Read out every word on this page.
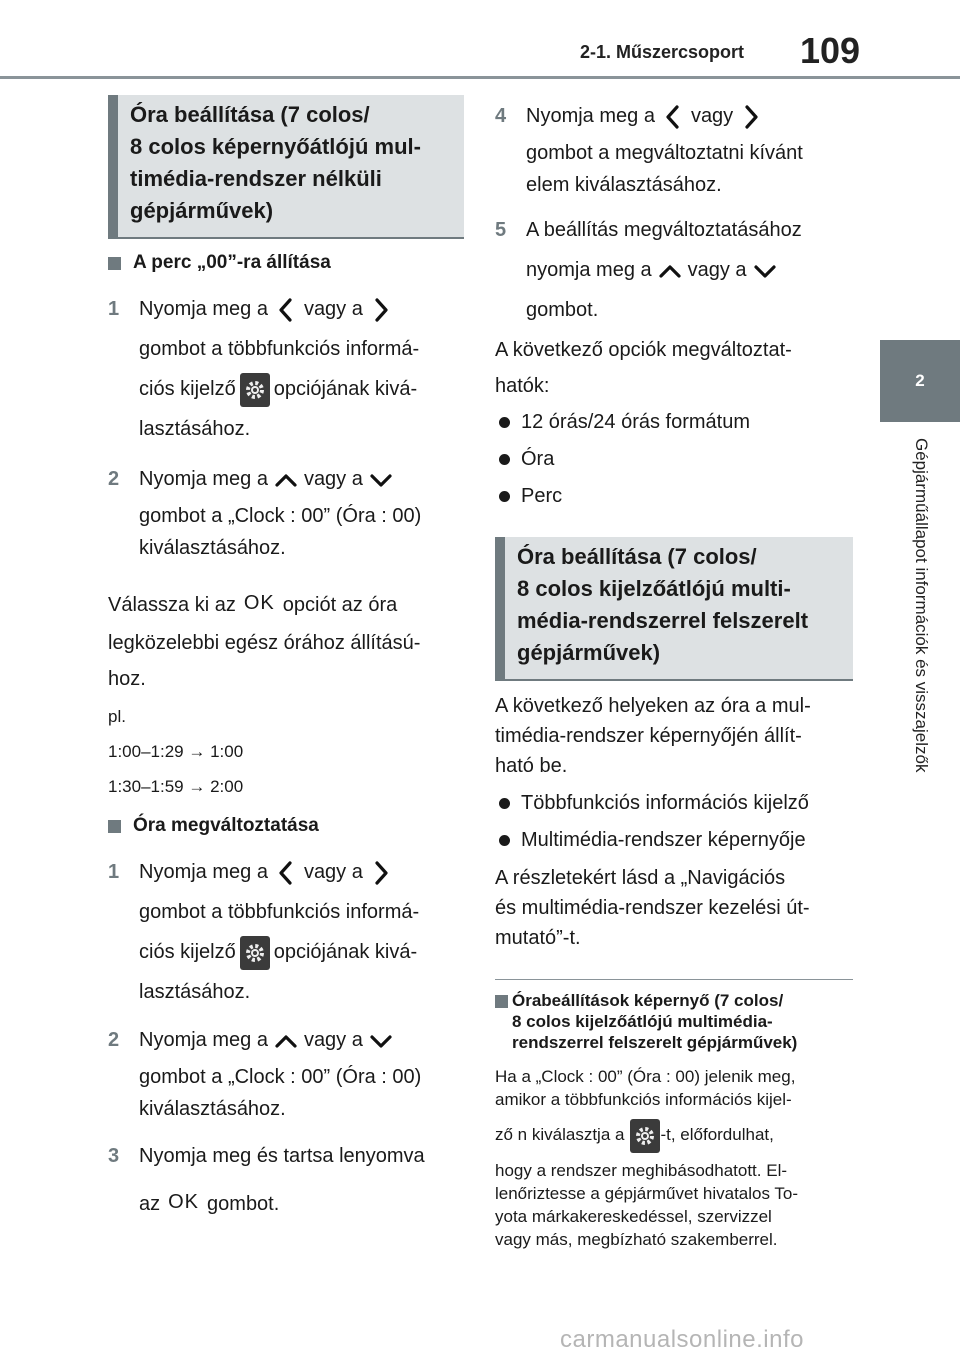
2-1. Műszercsoport 109
2
Gépjárműállapot információk és visszajelzők
Óra beállítása (7 colos/
8 colos képernyőátlójú mul-
timédia-rendszer nélküli
gépjárművek)
A perc „00”-ra állítása
1 Nyomja meg a vagy a
gombot a többfunkciós informá-
ciós kijelző opciójának kivá-
lasztásához.
2 Nyomja meg a vagy a
gombot a „Clock : 00” (Óra : 00)
kiválasztásához.
Válassza ki az OK opciót az óra
legközelebbi egész órához állítású-
hoz.
pl.
1:00–1:29 → 1:00
1:30–1:59 → 2:00
Óra megváltoztatása
1 Nyomja meg a vagy a
gombot a többfunkciós informá-
ciós kijelző opciójának kivá-
lasztásához.
2 Nyomja meg a vagy a
gombot a „Clock : 00” (Óra : 00)
kiválasztásához.
3 Nyomja meg és tartsa lenyomva
az OK gombot.
4 Nyomja meg a vagy
gombot a megváltoztatni kívánt
elem kiválasztásához.
5 A beállítás megváltoztatásához
nyomja meg a vagy a
gombot.
A következő opciók megváltoztat-
hatók:
12 órás/24 órás formátum
Óra
Perc
Óra beállítása (7 colos/
8 colos kijelzőátlójú multi-
média-rendszerrel felszerelt
gépjárművek)
A következő helyeken az óra a mul-
timédia-rendszer képernyőjén állít-
ható be.
Többfunkciós információs kijelző
Multimédia-rendszer képernyője
A részletekért lásd a „Navigációs
és multimédia-rendszer kezelési út-
mutató”-t.
Órabeállítások képernyő (7 colos/
8 colos kijelzőátlójú multimédia-
rendszerrel felszerelt gépjárművek)
Ha a „Clock : 00” (Óra : 00) jelenik meg,
amikor a többfunkciós információs kijel-
ző n kiválasztja a -t, előfordulhat,
hogy a rendszer meghibásodhatott. El-
lenőriztesse a gépjárművet hivatalos To-
yota márkakereskedéssel, szervizzel
vagy más, megbízható szakemberrel.
carmanualsonline.info
